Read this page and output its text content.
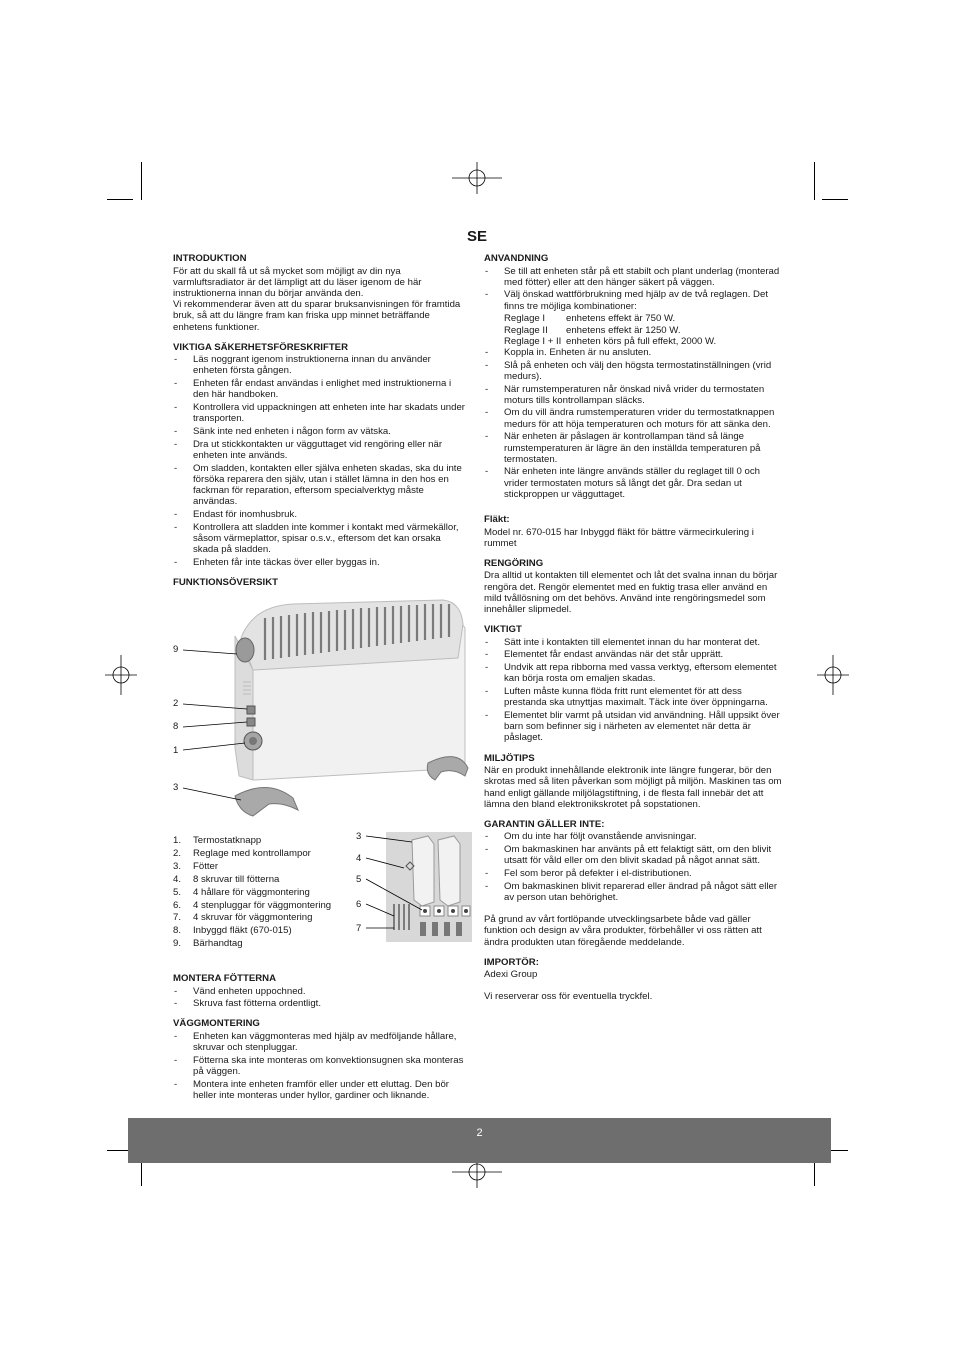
SE
INTRODUKTION

För att du skall få ut så mycket som möjligt av din nya varmluftsradiator är det lämpligt att du läser igenom de här instruktionerna innan du börjar använda den.

Vi rekommenderar även att du sparar bruksanvisningen för framtida bruk, så att du längre fram kan friska upp minnet beträffande enhetens funktioner.

VIKTIGA SÄKERHETSFÖRESKRIFTER
- Läs noggrant igenom instruktionerna innan du använder enheten första gången.
- Enheten får endast användas i enlighet med instruktionerna i den här handboken.
- Kontrollera vid uppackningen att enheten inte har skadats under transporten.
- Sänk inte ned enheten i någon form av vätska.
- Dra ut stickkontakten ur vägguttaget vid rengöring eller när enheten inte används.
- Om sladden, kontakten eller själva enheten skadas, ska du inte försöka reparera den själv, utan i stället lämna in den hos en fackman för reparation, eftersom specialverktyg måste användas.
- Endast för inomhusbruk.
- Kontrollera att sladden inte kommer i kontakt med värmekällor, såsom värmeplattor, spisar o.s.v., eftersom det kan orsaka skada på sladden.
- Enheten får inte täckas över eller byggas in.
FUNKTIONSÖVERSIKT
9
2
8
1
3
3
4
5
6
7
1.	Termostatknapp
2.	Reglage med kontrollampor
3.	Fötter
4.	8 skruvar till fötterna
5.	4 hållare för väggmontering
6.	4 stenpluggar för väggmontering
7.	4 skruvar för väggmontering
8.	Inbyggd fläkt (670-015)
9.	Bärhandtag
MONTERA FÖTTERNA
- Vänd enheten uppochned.
- Skruva fast fötterna ordentligt.
VÄGGMONTERING
- Enheten kan väggmonteras med hjälp av medföljande hållare, skruvar och stenpluggar.
- Fötterna ska inte monteras om konvektionsugnen ska monteras på väggen.
- Montera inte enheten framför eller under ett eluttag. Den bör heller inte monteras under hyllor, gardiner och liknande.
ANVANDNING
- Se till att enheten står på ett stabilt och plant underlag (monterad med fötter) eller att den hänger säkert på väggen.
- Välj önskad wattförbrukning med hjälp av de två reglagen. Det finns tre möjliga kombinationer:
Reglage I	enhetens effekt är 750 W.
Reglage II	enhetens effekt är 1250 W.
Reglage I + II enheten körs på full effekt, 2000 W.
- Koppla in. Enheten är nu ansluten.
- Slå på enheten och välj den högsta termostatinställningen (vrid medurs).
- När rumstemperaturen når önskad nivå vrider du termostaten moturs tills kontrollampan släcks.
- Om du vill ändra rumstemperaturen vrider du termostatknappen medurs för att höja temperaturen och moturs för att sänka den.
- När enheten är påslagen är kontrollampan tänd så länge rumstemperaturen är lägre än den inställda temperaturen på termostaten.
- När enheten inte längre används ställer du reglaget till 0 och vrider termostaten moturs så långt det går. Dra sedan ut stickproppen ur vägguttaget.
Fläkt:

Model nr. 670-015 har Inbyggd fläkt för bättre värmecirkulering i rummet

RENGÖRING

Dra alltid ut kontakten till elementet och låt det svalna innan du börjar rengöra det. Rengör elementet med en fuktig trasa eller använd en mild tvållösning om det behövs. Använd inte rengöringsmedel som innehåller slipmedel.

VIKTIGT
- Sätt inte i kontakten till elementet innan du har monterat det.
- Elementet får endast användas när det står upprätt.
- Undvik att repa ribborna med vassa verktyg, eftersom elementet kan börja rosta om emaljen skadas.
- Luften måste kunna flöda fritt runt elementet för att dess prestanda ska utnyttjas maximalt. Täck inte över öppningarna.
- Elementet blir varmt på utsidan vid användning. Håll uppsikt över barn som befinner sig i närheten av elementet när detta är påslaget.
MILJÖTIPS

När en produkt innehållande elektronik inte längre fungerar, bör den skrotas med så liten påverkan som möjligt på miljön. Maskinen tas om hand enligt gällande miljölagstiftning, i de flesta fall innebär det att lämna den bland elektronikskrotet på sopstationen.

GARANTIN GÄLLER INTE:
- Om du inte har följt ovanstående anvisningar.
- Om bakmaskinen har använts på ett felaktigt sätt, om den blivit utsatt för våld eller om den blivit skadad på något annat sätt.
- Fel som beror på defekter i el-distributionen.
- Om bakmaskinen blivit reparerad eller ändrad på något sätt eller av person utan behörighet.

På grund av vårt fortlöpande utvecklingsarbete både vad gäller funktion och design av våra produkter, förbehåller vi oss rätten att ändra produkten utan föregående meddelande.

IMPORTÖR:

Adexi Group

Vi reserverar oss för eventuella tryckfel.

2
